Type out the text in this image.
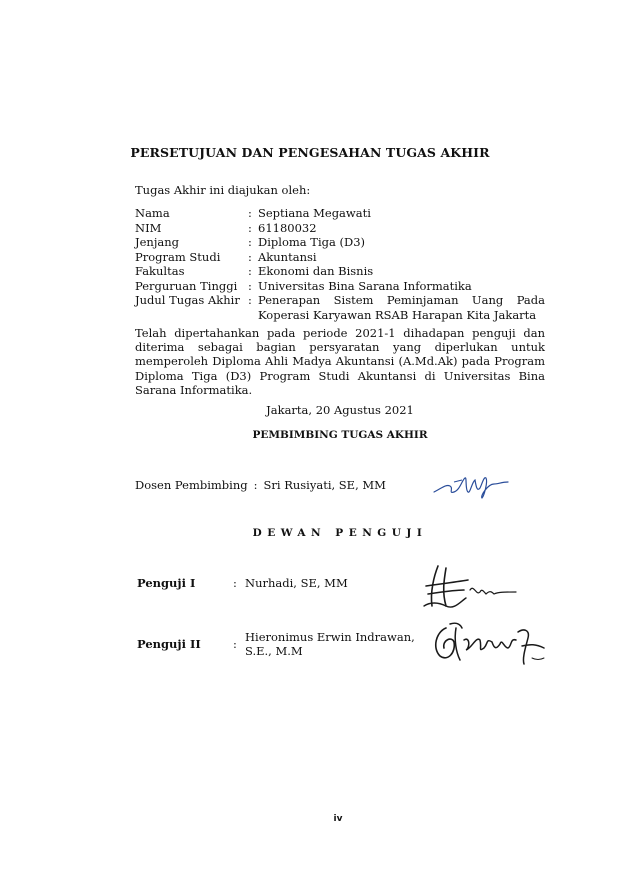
PERSETUJUAN DAN PENGESAHAN TUGAS AKHIR
Tugas Akhir ini diajukan oleh:
Nama	: Septiana Megawati
NIM	: 61180032
Jenjang	: Diploma Tiga (D3)
Program Studi	: Akuntansi
Fakultas	: Ekonomi dan Bisnis
Perguruan Tinggi : Universitas Bina Sarana Informatika
Judul Tugas Akhir : Penerapan Sistem Peminjaman Uang Pada Koperasi Karyawan RSAB Harapan Kita Jakarta
Telah dipertahankan pada periode 2021-1 dihadapan penguji dan diterima sebagai bagian persyaratan yang diperlukan untuk memperoleh Diploma Ahli Madya Akuntansi (A.Md.Ak) pada Program Diploma Tiga (D3) Program Studi Akuntansi di Universitas Bina Sarana Informatika.
Jakarta, 20 Agustus 2021
PEMBIMBING TUGAS AKHIR
Dosen Pembimbing : Sri Rusiyati, SE, MM
DEWAN PENGUJI
Penguji I	: Nurhadi, SE, MM
Penguji II	: Hieronimus Erwin Indrawan, S.E., M.M
iv
